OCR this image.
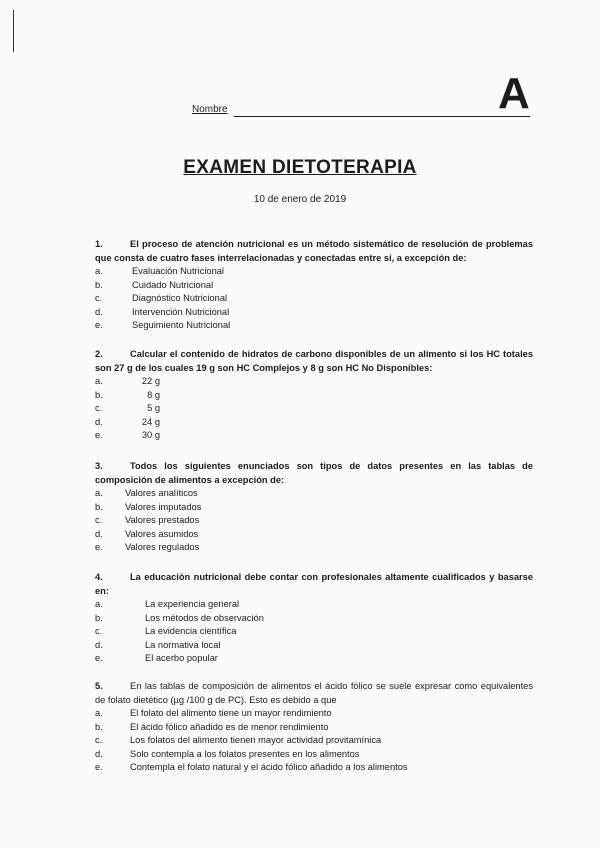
Nombre	A
EXAMEN DIETOTERAPIA
10 de enero de 2019
1.	El proceso de atención nutricional es un método sistemático de resolución de problemas que consta de cuatro fases interrelacionadas y conectadas entre sí, a excepción de:
a.	Evaluación Nutricional
b.	Cuidado Nutricional
c.	Diagnóstico Nutricional
d.	Intervención Nutricional
e.	Seguimiento Nutricional
2.	Calcular el contenido de hidratos de carbono disponibles de un alimento si los HC totales son 27 g de los cuales 19 g son HC Complejos y 8 g son HC No Disponibles:
a.	22 g
b.	8 g
c.	5 g
d.	24 g
e.	30 g
3.	Todos los siguientes enunciados son tipos de datos presentes en las tablas de composición de alimentos a excepción de:
a.	Valores analíticos
b.	Valores imputados
c.	Valores prestados
d.	Valores asumidos
e.	Valores regulados
4.	La educación nutricional debe contar con profesionales altamente cualificados y basarse en:
a.	La experiencia general
b.	Los métodos de observación
c.	La evidencia científica
d.	La normativa local
e.	El acerbo popular
5.	En las tablas de composición de alimentos el ácido fólico se suele expresar como equivalentes de folato dietético (µg /100 g de PC). Esto es debido a que
a.	El folato del alimento tiene un mayor rendimiento
b.	El ácido fólico añadido es de menor rendimiento
c.	Los folatos del alimento tienen mayor actividad provitamínica
d.	Solo contempla a los folatos presentes en los alimentos
e.	Contempla el folato natural y el ácido fólico añadido a los alimentos
